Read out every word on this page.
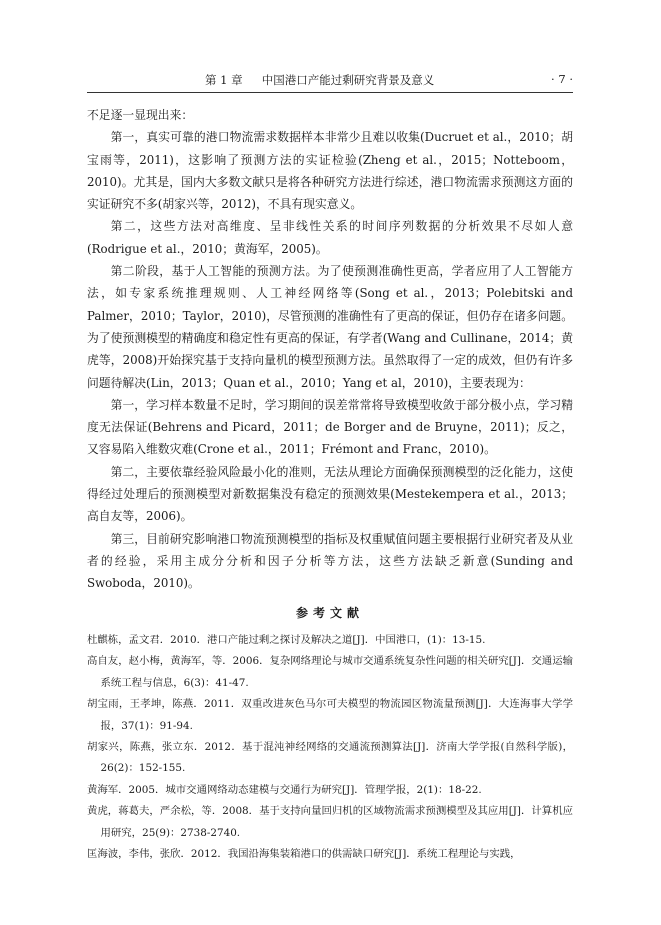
第 1 章	中国港口产能过剩研究背景及意义	· 7 ·

不足逐一显现出来：

第一，真实可靠的港口物流需求数据样本非常少且难以收集(Ducruet et al.，2010；胡宝雨等，2011)，这影响了预测方法的实证检验(Zheng et al.，2015；Notteboom，2010)。尤其是，国内大多数文献只是将各种研究方法进行综述，港口物流需求预测这方面的实证研究不多(胡家兴等，2012)，不具有现实意义。

第二，这些方法对高维度、呈非线性关系的时间序列数据的分析效果不尽如人意(Rodrigue et al.，2010；黄海军，2005)。

第二阶段，基于人工智能的预测方法。为了使预测准确性更高，学者应用了人工智能方法，如专家系统推理规则、人工神经网络等(Song et al.，2013；Polebitski and Palmer，2010；Taylor，2010)，尽管预测的准确性有了更高的保证，但仍存在诸多问题。为了使预测模型的精确度和稳定性有更高的保证，有学者(Wang and Cullinane，2014；黄虎等，2008)开始探究基于支持向量机的模型预测方法。虽然取得了一定的成效，但仍有许多问题待解决(Lin，2013；Quan et al.，2010；Yang et al，2010)，主要表现为：

第一，学习样本数量不足时，学习期间的误差常常将导致模型收敛于部分极小点，学习精度无法保证(Behrens and Picard，2011；de Borger and de Bruyne，2011)；反之，又容易陷入维数灾难(Crone et al.，2011；Frémont and Franc，2010)。

第二，主要依靠经验风险最小化的准则，无法从理论方面确保预测模型的泛化能力，这使得经过处理后的预测模型对新数据集没有稳定的预测效果(Mestekempera et al.，2013；高自友等，2006)。

第三，目前研究影响港口物流预测模型的指标及权重赋值问题主要根据行业研究者及从业者的经验，采用主成分分析和因子分析等方法，这些方法缺乏新意(Sunding and Swoboda，2010)。

参考文献

杜麒栋，孟文君．2010．港口产能过剩之探讨及解决之道[J]．中国港口，(1)：13-15.

高自友，赵小梅，黄海军，等．2006．复杂网络理论与城市交通系统复杂性问题的相关研究[J]．交通运输系统工程与信息，6(3)：41-47.

胡宝雨，王孝坤，陈燕．2011．双重改进灰色马尔可夫模型的物流园区物流量预测[J]．大连海事大学学报，37(1)：91-94.

胡家兴，陈燕，张立东．2012．基于混沌神经网络的交通流预测算法[J]．济南大学学报(自然科学版)，26(2)：152-155.

黄海军．2005．城市交通网络动态建模与交通行为研究[J]．管理学报，2(1)：18-22.

黄虎，蒋葛夫，严余松，等．2008．基于支持向量回归机的区域物流需求预测模型及其应用[J]．计算机应用研究，25(9)：2738-2740.

匡海波，李伟，张欣．2012．我国沿海集装箱港口的供需缺口研究[J]．系统工程理论与实践，
